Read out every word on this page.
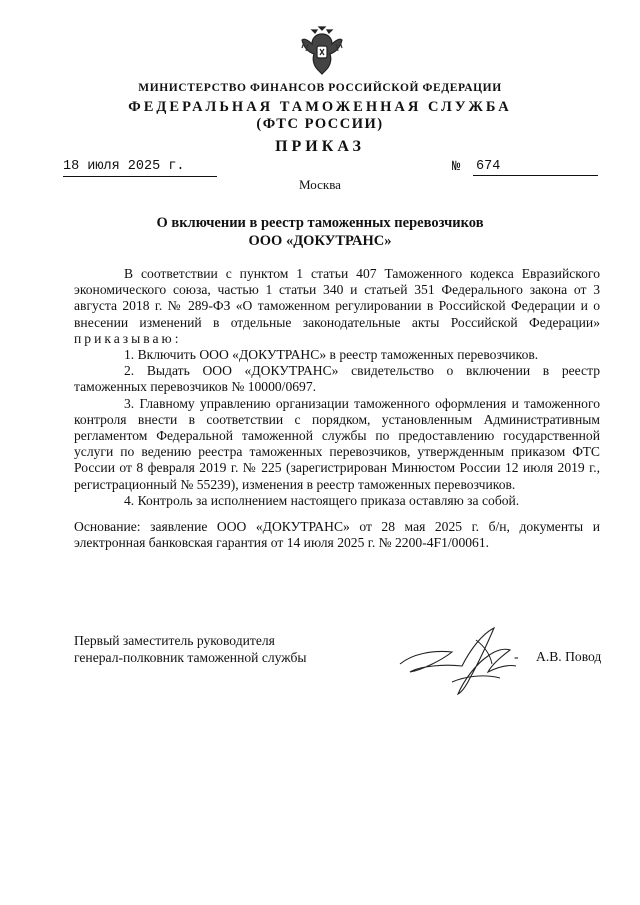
МИНИСТЕРСТВО ФИНАНСОВ РОССИЙСКОЙ ФЕДЕРАЦИИ
ФЕДЕРАЛЬНАЯ ТАМОЖЕННАЯ СЛУЖБА
(ФТС РОССИИ)
ПРИКАЗ
18 июля 2025 г.	№ 674
Москва
О включении в реестр таможенных перевозчиков
ООО «ДОКУТРАНС»

В соответствии с пунктом 1 статьи 407 Таможенного кодекса Евразийского экономического союза, частью 1 статьи 340 и статьей 351 Федерального закона от 3 августа 2018 г. № 289-ФЗ «О таможенном регулировании в Российской Федерации и о внесении изменений в отдельные законодательные акты Российской Федерации» приказываю:

1. Включить ООО «ДОКУТРАНС» в реестр таможенных перевозчиков.

2. Выдать ООО «ДОКУТРАНС» свидетельство о включении в реестр таможенных перевозчиков № 10000/0697.

3. Главному управлению организации таможенного оформления и таможенного контроля внести в соответствии с порядком, установленным Административным регламентом Федеральной таможенной службы по предоставлению государственной услуги по ведению реестра таможенных перевозчиков, утвержденным приказом ФТС России от 8 февраля 2019 г. № 225 (зарегистрирован Минюстом России 12 июля 2019 г., регистрационный № 55239), изменения в реестр таможенных перевозчиков.

4. Контроль за исполнением настоящего приказа оставляю за собой.

Основание: заявление ООО «ДОКУТРАНС» от 28 мая 2025 г. б/н, документы и электронная банковская гарантия от 14 июля 2025 г. № 2200-4F1/00061.

Первый заместитель руководителя
генерал-полковник таможенной службы	- А.В. Повод
